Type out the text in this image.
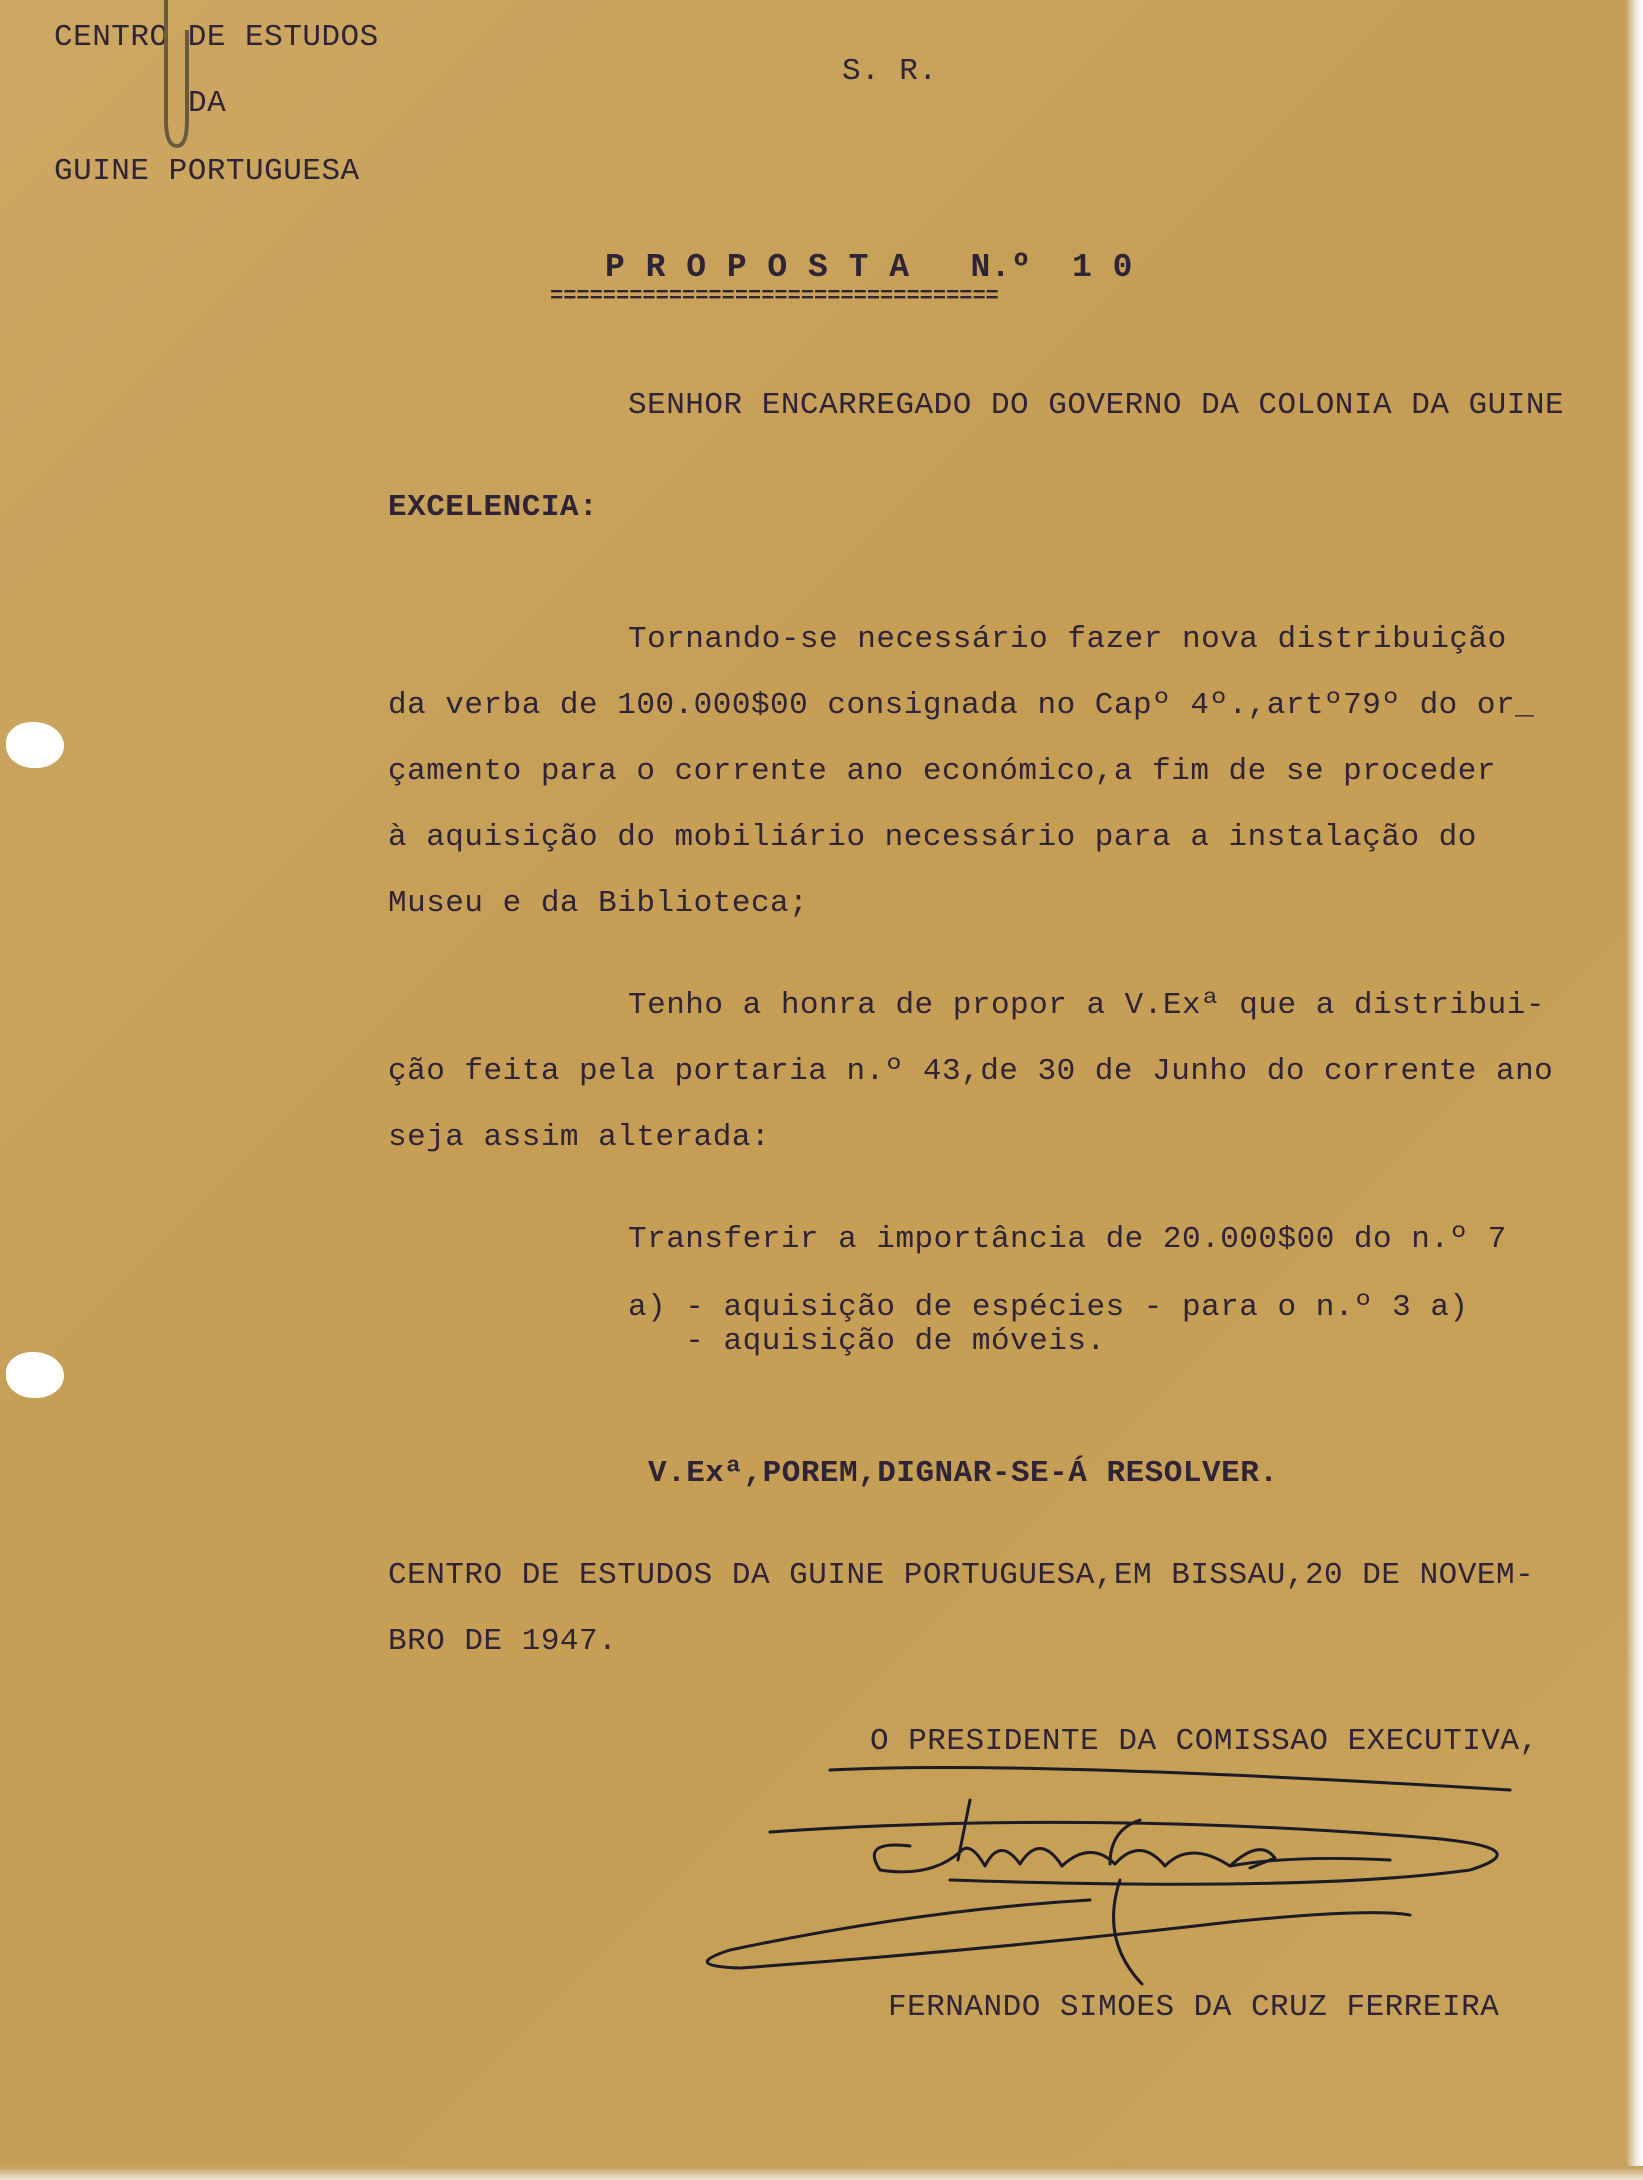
CENTRO DE ESTUDOS
DA
GUINE PORTUGUESA
S. R.
P R O P O S T A   N.º  1 0
==================================
SENHOR ENCARREGADO DO GOVERNO DA COLONIA DA GUINE
EXCELENCIA:
Tornando-se necessário fazer nova distribuição
da verba de 100.000$00 consignada no Capº 4º.,artº79º do or_
çamento para o corrente ano económico,a fim de se proceder
à aquisição do mobiliário necessário para a instalação do
Museu e da Biblioteca;
Tenho a honra de propor a V.Exª que a distribui-
ção feita pela portaria n.º 43,de 30 de Junho do corrente ano
seja assim alterada:
Transferir a importância de 20.000$00 do n.º 7
a) - aquisição de espécies - para o n.º 3 a)
- aquisição de móveis.
V.Exª,POREM,DIGNAR-SE-Á RESOLVER.
CENTRO DE ESTUDOS DA GUINE PORTUGUESA,EM BISSAU,20 DE NOVEM-
BRO DE 1947.
O PRESIDENTE DA COMISSAO EXECUTIVA,
FERNANDO SIMOES DA CRUZ FERREIRA
